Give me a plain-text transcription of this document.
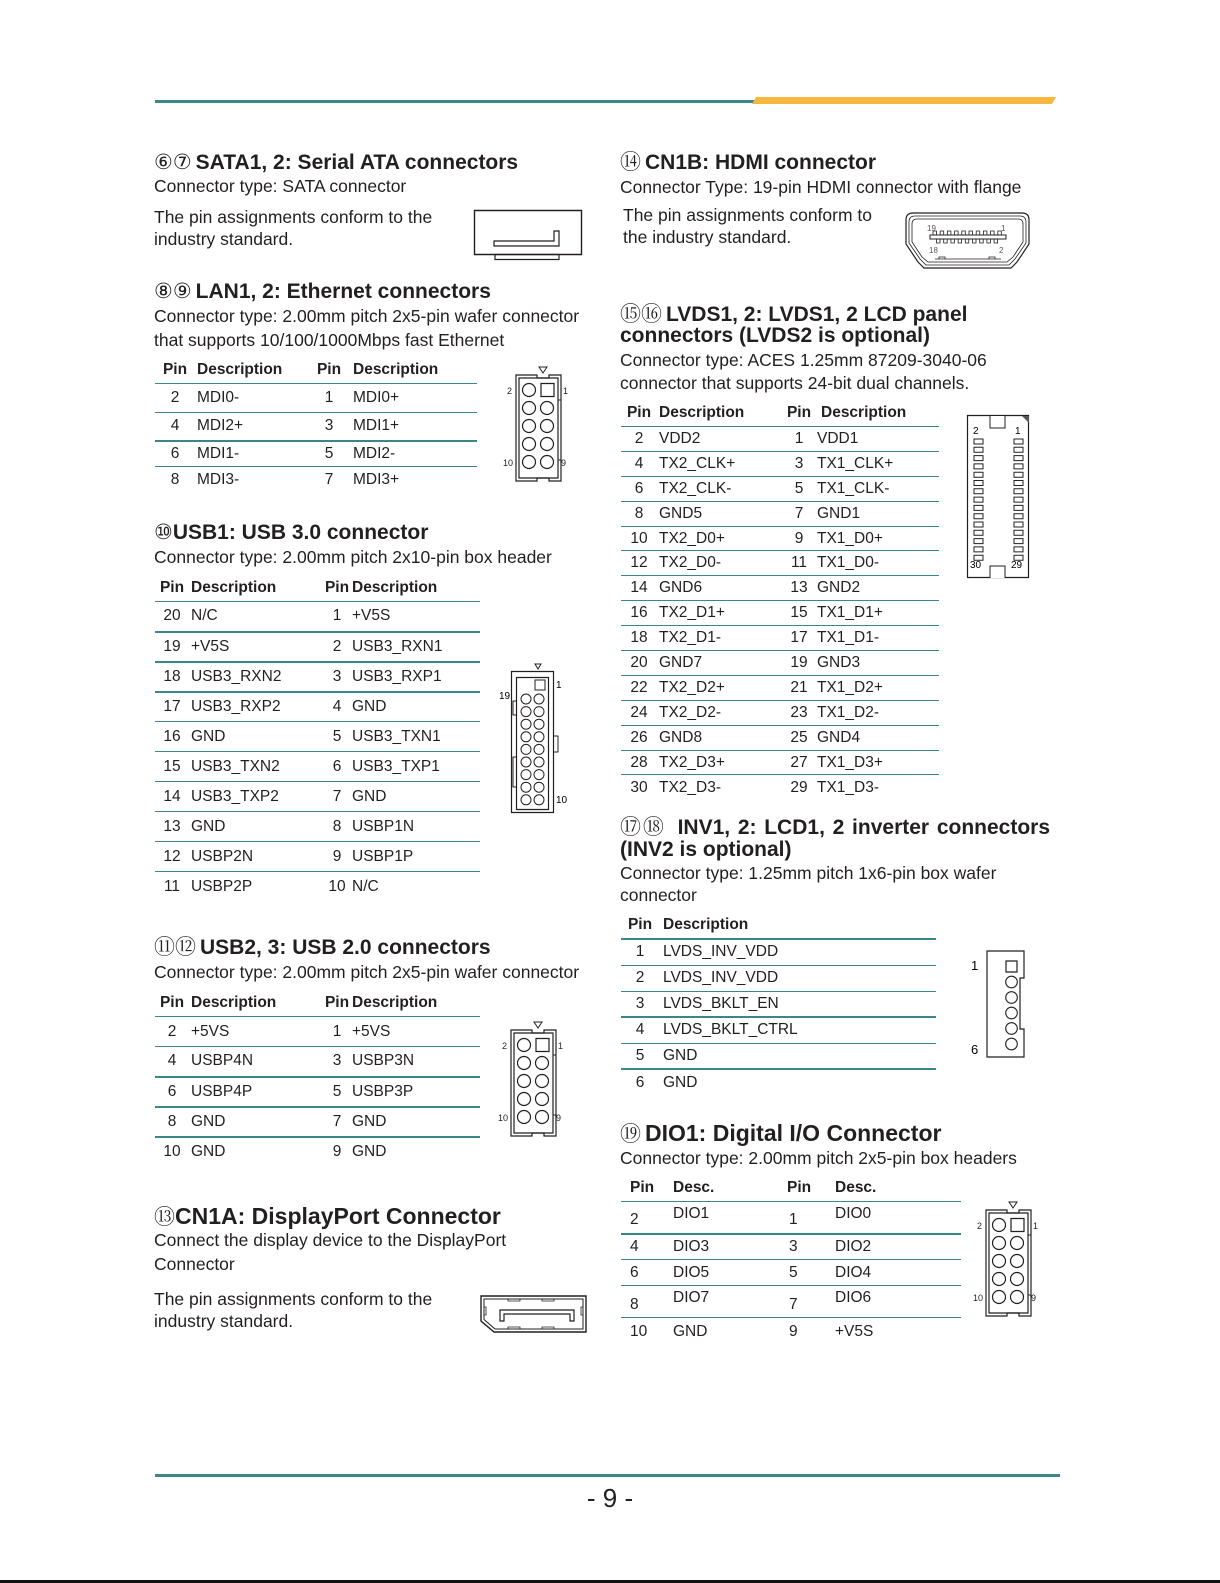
⑥⑦ SATA1, 2: Serial ATA connectors
Connector type: SATA connector
The pin assignments conform to the
industry standard.
⑧⑨ LAN1, 2: Ethernet connectors
Connector type: 2.00mm pitch 2x5-pin wafer connector
that supports 10/100/1000Mbps fast Ethernet
Pin	Description	Pin	Description
2	MDI0-	1	MDI0+
4	MDI2+	3	MDI1+
6	MDI1-	5	MDI2-
8	MDI3-	7	MDI3+
2	1
10	9
⑩USB1: USB 3.0 connector
Connector type: 2.00mm pitch 2x10-pin box header
Pin	Description	Pin	Description
20	N/C	1	+V5S
19	+V5S	2	USB3_RXN1
18	USB3_RXN2	3	USB3_RXP1
17	USB3_RXP2	4	GND
16	GND	5	USB3_TXN1
15	USB3_TXN2	6	USB3_TXP1
14	USB3_TXP2	7	GND
13	GND	8	USBP1N
12	USBP2N	9	USBP1P
11	USBP2P	10	N/C
19
1
10
⑪⑫ USB2, 3: USB 2.0 connectors
Connector type: 2.00mm pitch 2x5-pin wafer connector
Pin	Description	Pin	Description
2	+5VS	1	+5VS
4	USBP4N	3	USBP3N
6	USBP4P	5	USBP3P
8	GND	7	GND
10	GND	9	GND
2	1
10	9
⑬CN1A: DisplayPort Connector
Connect the display device to the DisplayPort
Connector
The pin assignments conform to the
industry standard.
⑭ CN1B: HDMI connector
Connector Type: 19-pin HDMI connector with flange
The pin assignments conform to
the industry standard.	19	1
18	2
⑮⑯ LVDS1, 2: LVDS1, 2 LCD panel
connectors (LVDS2 is optional)
Connector type: ACES 1.25mm 87209-3040-06
connector that supports 24-bit dual channels.
Pin	Description	Pin	Description
2	VDD2	1	VDD1
4	TX2_CLK+	3	TX1_CLK+
6	TX2_CLK-	5	TX1_CLK-
8	GND5	7	GND1
10	TX2_D0+	9	TX1_D0+
12	TX2_D0-	11	TX1_D0-
14	GND6	13	GND2
16	TX2_D1+	15	TX1_D1+
18	TX2_D1-	17	TX1_D1-
20	GND7	19	GND3
22	TX2_D2+	21	TX1_D2+
24	TX2_D2-	23	TX1_D2-
26	GND8	25	GND4
28	TX2_D3+	27	TX1_D3+
30	TX2_D3-	29	TX1_D3-
2	1
30	29
⑰⑱ INV1, 2: LCD1, 2 inverter connectors
(INV2 is optional)
Connector type: 1.25mm pitch 1x6-pin box wafer
connector
Pin	Description
1	LVDS_INV_VDD
2	LVDS_INV_VDD
3	LVDS_BKLT_EN
4	LVDS_BKLT_CTRL
5	GND
6	GND
1
6
⑲ DIO1: Digital I/O Connector
Connector type: 2.00mm pitch 2x5-pin box headers
Pin	Desc.	Pin	Desc.
2	DIO1	1	DIO0
4	DIO3	3	DIO2
6	DIO5	5	DIO4
8	DIO7	7	DIO6
10	GND	9	+V5S
2	1
10	9
- 9 -
